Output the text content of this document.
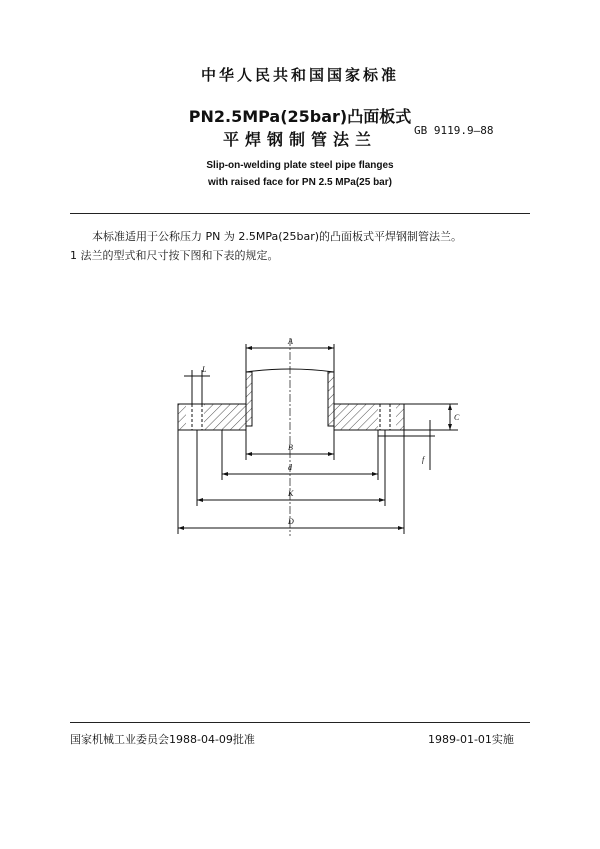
中华人民共和国国家标准
PN2.5MPa(25bar)凸面板式
平焊钢制管法兰	GB 9119.9—88
Slip-on-welding plate steel pipe flanges
with raised face for PN 2.5 MPa(25 bar)
本标准适用于公称压力 PN 为 2.5MPa(25bar)的凸面板式平焊钢制管法兰。
1 法兰的型式和尺寸按下图和下表的规定。
A
L
B
d
K
D
C
f
国家机械工业委员会1988-04-09批准	1989-01-01实施
